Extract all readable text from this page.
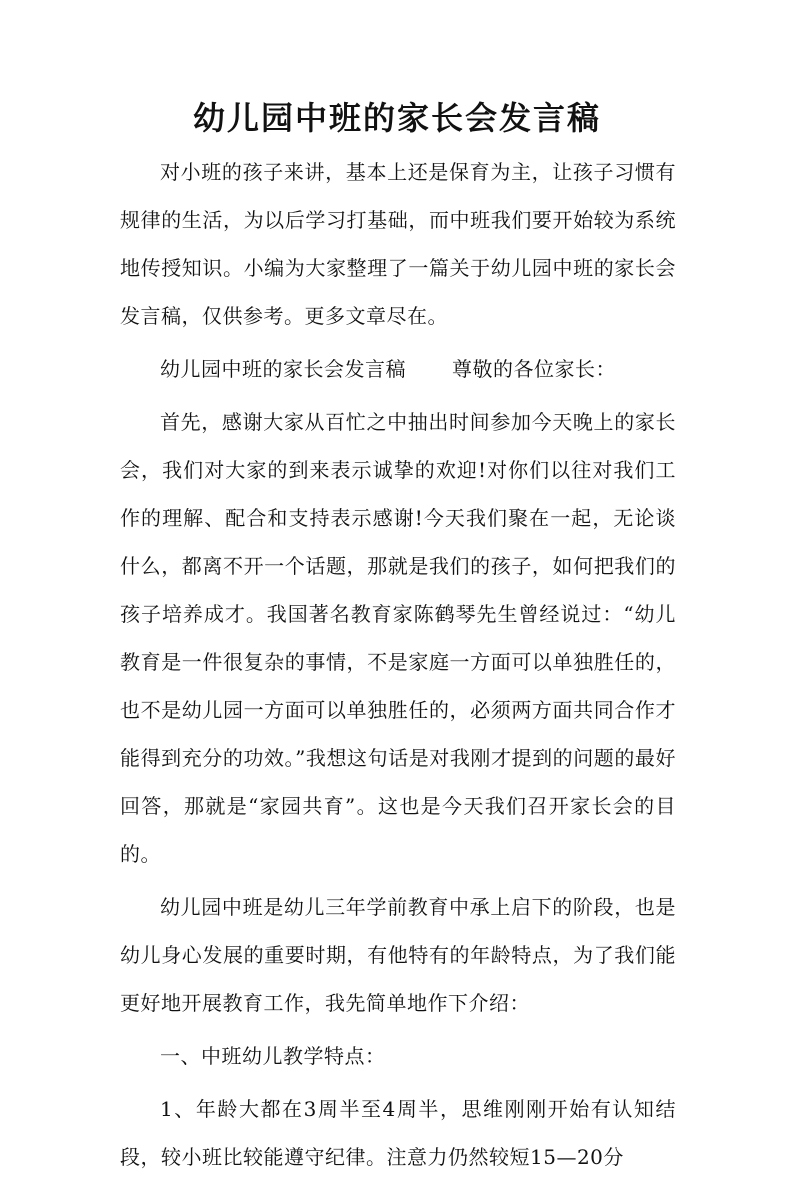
幼儿园中班的家长会发言稿

对小班的孩子来讲，基本上还是保育为主，让孩子习惯有规律的生活，为以后学习打基础，而中班我们要开始较为系统地传授知识。小编为大家整理了一篇关于幼儿园中班的家长会发言稿，仅供参考。更多文章尽在。

幼儿园中班的家长会发言稿 尊敬的各位家长：

首先，感谢大家从百忙之中抽出时间参加今天晚上的家长会，我们对大家的到来表示诚挚的欢迎!对你们以往对我们工作的理解、配合和支持表示感谢!今天我们聚在一起，无论谈什么，都离不开一个话题，那就是我们的孩子，如何把我们的孩子培养成才。我国著名教育家陈鹤琴先生曾经说过：“幼儿教育是一件很复杂的事情，不是家庭一方面可以单独胜任的，也不是幼儿园一方面可以单独胜任的，必须两方面共同合作才能得到充分的功效。”我想这句话是对我刚才提到的问题的最好回答，那就是“家园共育”。这也是今天我们召开家长会的目的。

幼儿园中班是幼儿三年学前教育中承上启下的阶段，也是幼儿身心发展的重要时期，有他特有的年龄特点，为了我们能更好地开展教育工作，我先简单地作下介绍：

一、中班幼儿教学特点：

1、年龄大都在3周半至4周半，思维刚刚开始有认知结段，较小班比较能遵守纪律。注意力仍然较短15—20分
